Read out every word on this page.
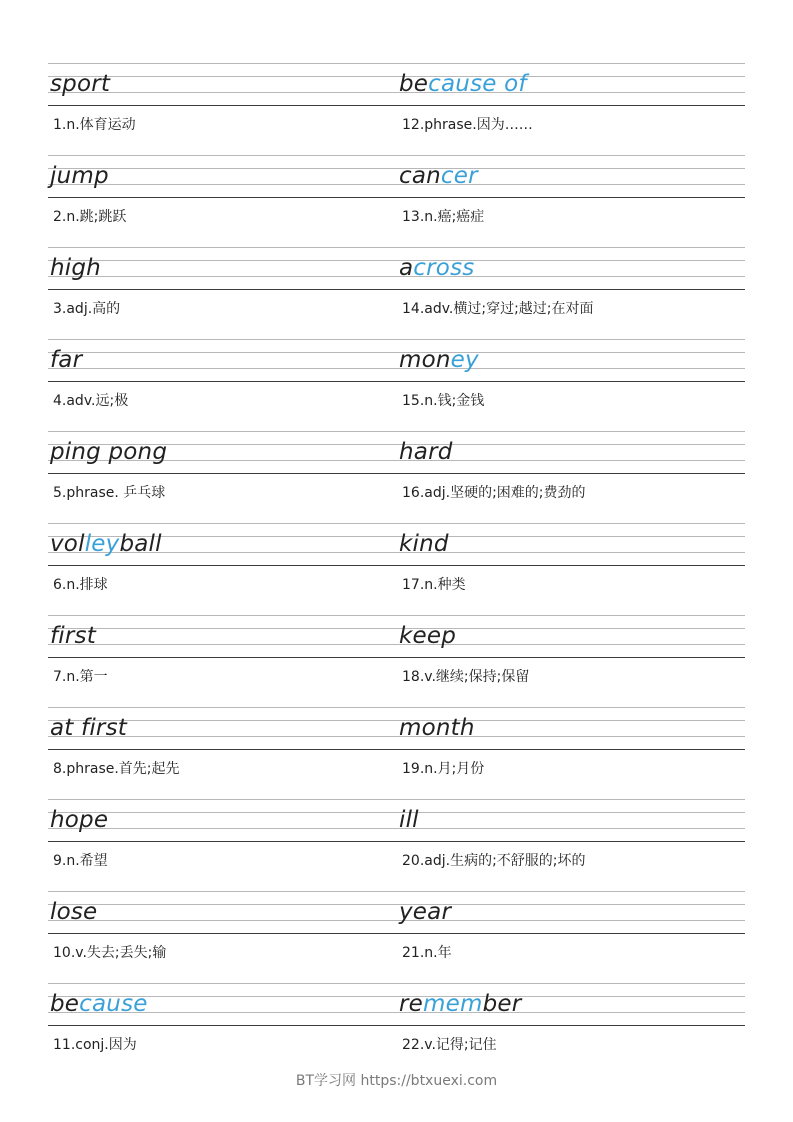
sport
1.n.体育运动
because of
12.phrase.因为……
jump
2.n.跳;跳跃
cancer
13.n.癌;癌症
high
3.adj.高的
across
14.adv.横过;穿过;越过;在对面
far
4.adv.远;极
money
15.n.钱;金钱
ping pong
5.phrase. 乒乓球
hard
16.adj.坚硬的;困难的;费劲的
volleyball
6.n.排球
kind
17.n.种类
first
7.n.第一
keep
18.v.继续;保持;保留
at first
8.phrase.首先;起先
month
19.n.月;月份
hope
9.n.希望
ill
20.adj.生病的;不舒服的;坏的
lose
10.v.失去;丢失;输
year
21.n.年
because
11.conj.因为
remember
22.v.记得;记住
BT学习网 https://btxuexi.com
